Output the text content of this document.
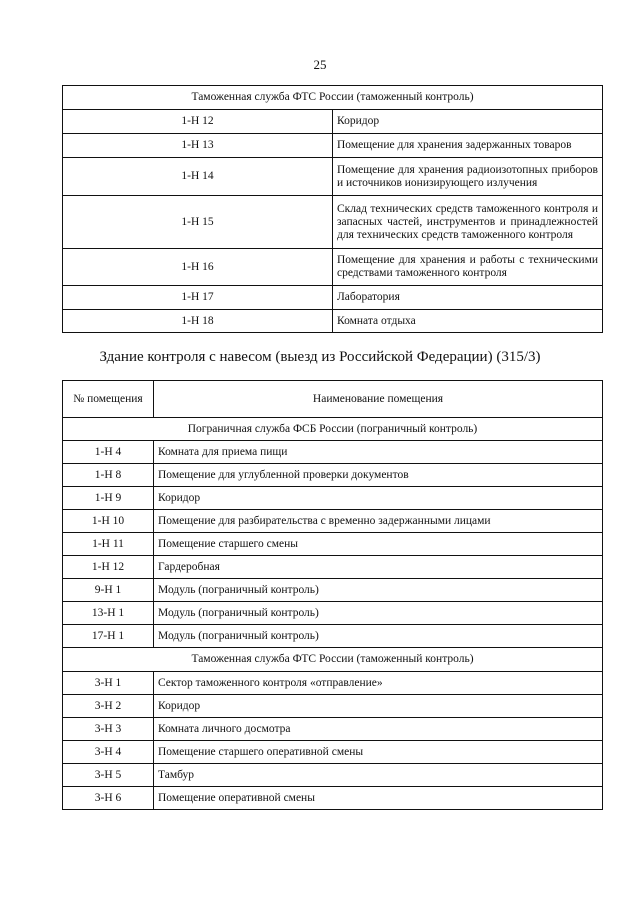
25
Таможенная служба ФТС России (таможенный контроль)	
1-Н 12	Коридор
1-Н 13	Помещение для хранения задержанных товаров
1-Н 14	Помещение для хранения радиоизотопных приборов и источников ионизирующего излучения
1-Н 15	Склад технических средств таможенного контроля и запасных частей, инструментов и принадлежностей для технических средств таможенного контроля
1-Н 16	Помещение для хранения и работы с техническими средствами таможенного контроля
1-Н 17	Лаборатория
1-Н 18	Комната отдыха
Здание контроля с навесом (выезд из Российской Федерации) (315/3)
№ помещения	Наименование помещения
Пограничная служба ФСБ России (пограничный контроль)	
1-Н 4	Комната для приема пищи
1-Н 8	Помещение для углубленной проверки документов
1-Н 9	Коридор
1-Н 10	Помещение для разбирательства с временно задержанными лицами
1-Н 11	Помещение старшего смены
1-Н 12	Гардеробная
9-Н 1	Модуль (пограничный контроль)
13-Н 1	Модуль (пограничный контроль)
17-Н 1	Модуль (пограничный контроль)
Таможенная служба ФТС России (таможенный контроль)	
3-Н 1	Сектор таможенного контроля «отправление»
3-Н 2	Коридор
3-Н 3	Комната личного досмотра
3-Н 4	Помещение старшего оперативной смены
3-Н 5	Тамбур
3-Н 6	Помещение оперативной смены
